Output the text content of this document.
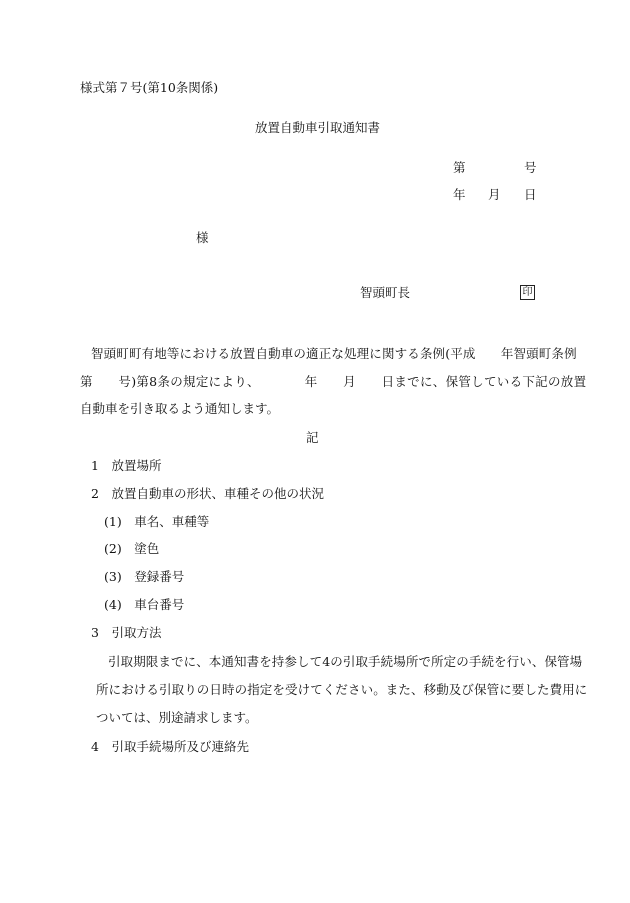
様式第７号(第10条関係)
放置自動車引取通知書
第	号
年 月 日
様
智頭町長	印
智頭町町有地等における放置自動車の適正な処理に関する条例(平成　　年智頭町条例
第　　号)第8条の規定により、　　　　年　　月　　日までに、保管している下記の放置
自動車を引き取るよう通知します。
記
1　放置場所
2　放置自動車の形状、車種その他の状況
(1)　車名、車種等
(2)　塗色
(3)　登録番号
(4)　車台番号
3　引取方法
引取期限までに、本通知書を持参して4の引取手続場所で所定の手続を行い、保管場
所における引取りの日時の指定を受けてください。また、移動及び保管に要した費用に
ついては、別途請求します。
4　引取手続場所及び連絡先
